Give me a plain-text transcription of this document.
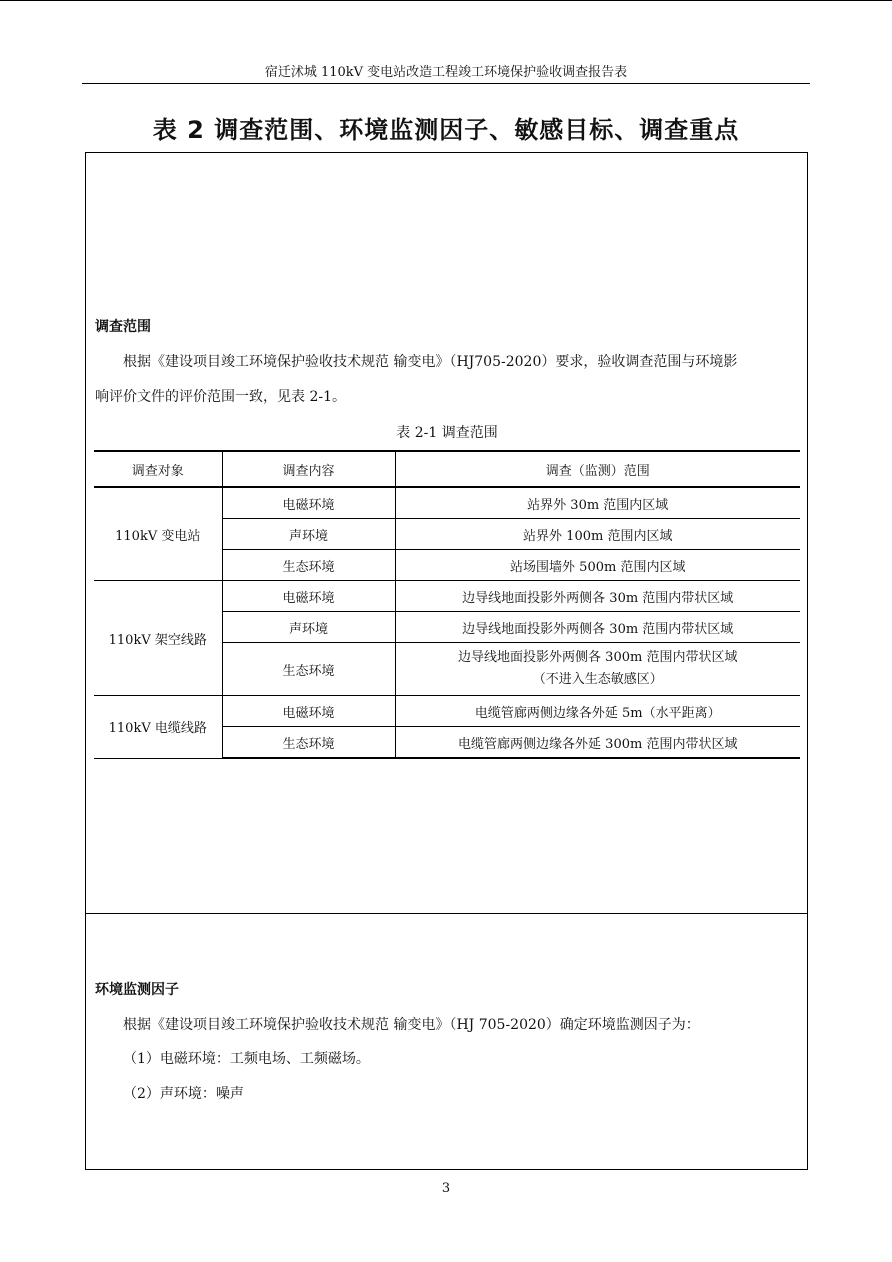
宿迁沭城 110kV 变电站改造工程竣工环境保护验收调查报告表
表 2 调查范围、环境监测因子、敏感目标、调查重点
调查范围
根据《建设项目竣工环境保护验收技术规范 输变电》（HJ705-2020）要求，验收调查范围与环境影
响评价文件的评价范围一致，见表 2-1。
表 2-1 调查范围
调查对象	调查内容	调查（监测）范围
110kV 变电站	电磁环境	站界外 30m 范围内区域
	声环境	站界外 100m 范围内区域
	生态环境	站场围墙外 500m 范围内区域
110kV 架空线路	电磁环境	边导线地面投影外两侧各 30m 范围内带状区域
	声环境	边导线地面投影外两侧各 30m 范围内带状区域
	生态环境	边导线地面投影外两侧各 300m 范围内带状区域
（不进入生态敏感区）

110kV 电缆线路	电磁环境	电缆管廊两侧边缘各外延 5m（水平距离）
	生态环境	电缆管廊两侧边缘各外延 300m 范围内带状区域
环境监测因子
根据《建设项目竣工环境保护验收技术规范 输变电》（HJ 705-2020）确定环境监测因子为：
（1）电磁环境：工频电场、工频磁场。
（2）声环境：噪声
3
